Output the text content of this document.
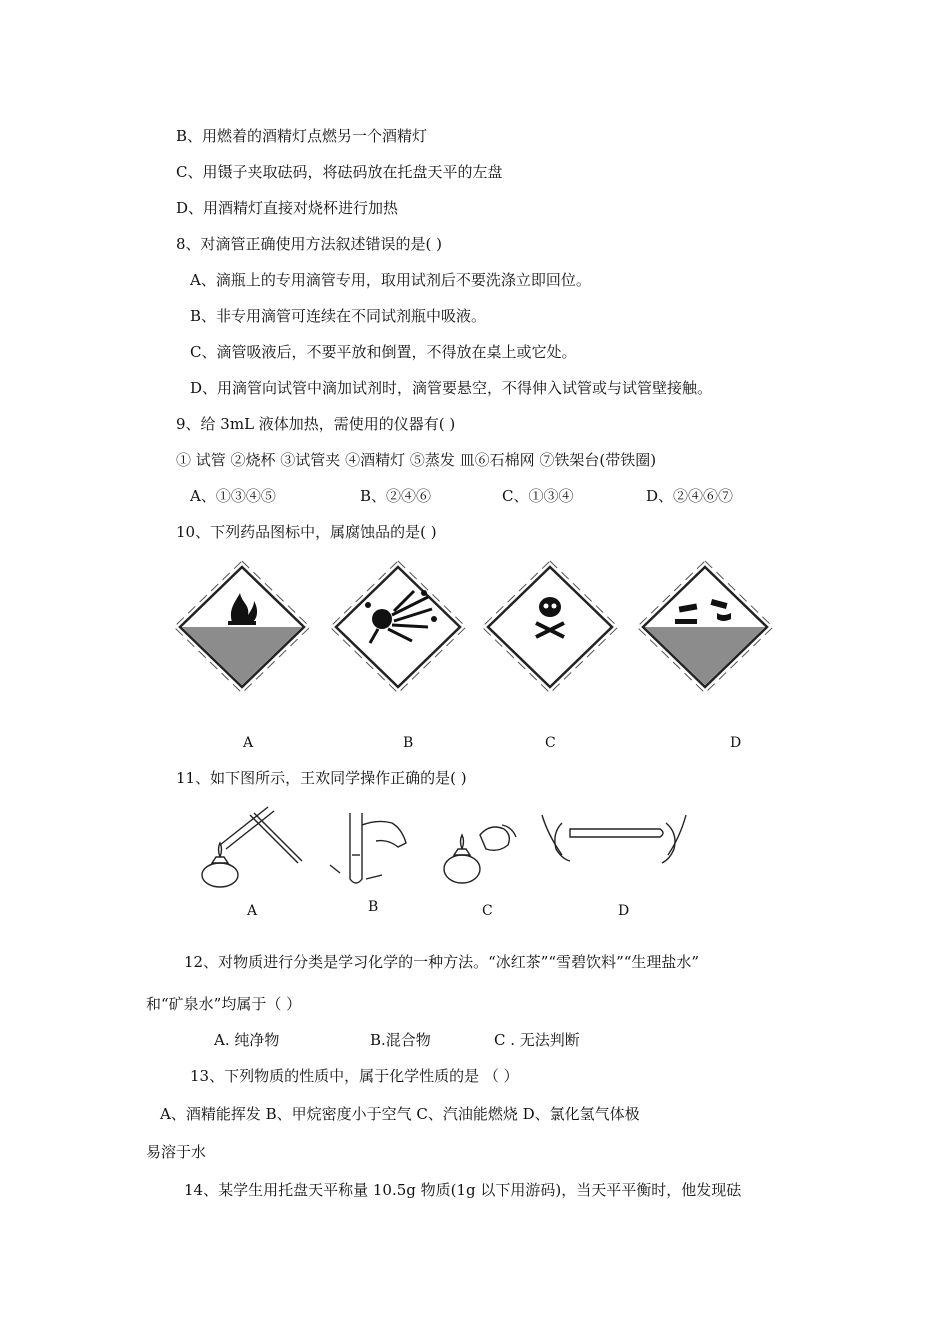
B、用燃着的酒精灯点燃另一个酒精灯
C、用镊子夹取砝码，将砝码放在托盘天平的左盘
D、用酒精灯直接对烧杯进行加热
8、对滴管正确使用方法叙述错误的是( )
A、滴瓶上的专用滴管专用，取用试剂后不要洗涤立即回位。
B、非专用滴管可连续在不同试剂瓶中吸液。
C、滴管吸液后，不要平放和倒置，不得放在桌上或它处。
D、用滴管向试管中滴加试剂时，滴管要悬空，不得伸入试管或与试管壁接触。
9、给 3mL 液体加热，需使用的仪器有( )
① 试管 ②烧杯 ③试管夹 ④酒精灯 ⑤蒸发 皿⑥石棉网 ⑦铁架台(带铁圈)
A、①③④⑤	B、②④⑥	C、①③④	D、②④⑥⑦
10、下列药品图标中，属腐蚀品的是( )
A	B	C	D
11、如下图所示，王欢同学操作正确的是( )
A	B	C	D
12、对物质进行分类是学习化学的一种方法。“冰红茶”“雪碧饮料”“生理盐水”
和“矿泉水”均属于（ ）
A. 纯净物	B.混合物	C . 无法判断
13、下列物质的性质中，属于化学性质的是 （ ）
A、酒精能挥发 B、甲烷密度小于空气 C、汽油能燃烧 D、氯化氢气体极
易溶于水
14、某学生用托盘天平称量 10.5g 物质(1g 以下用游码)，当天平平衡时，他发现砝
